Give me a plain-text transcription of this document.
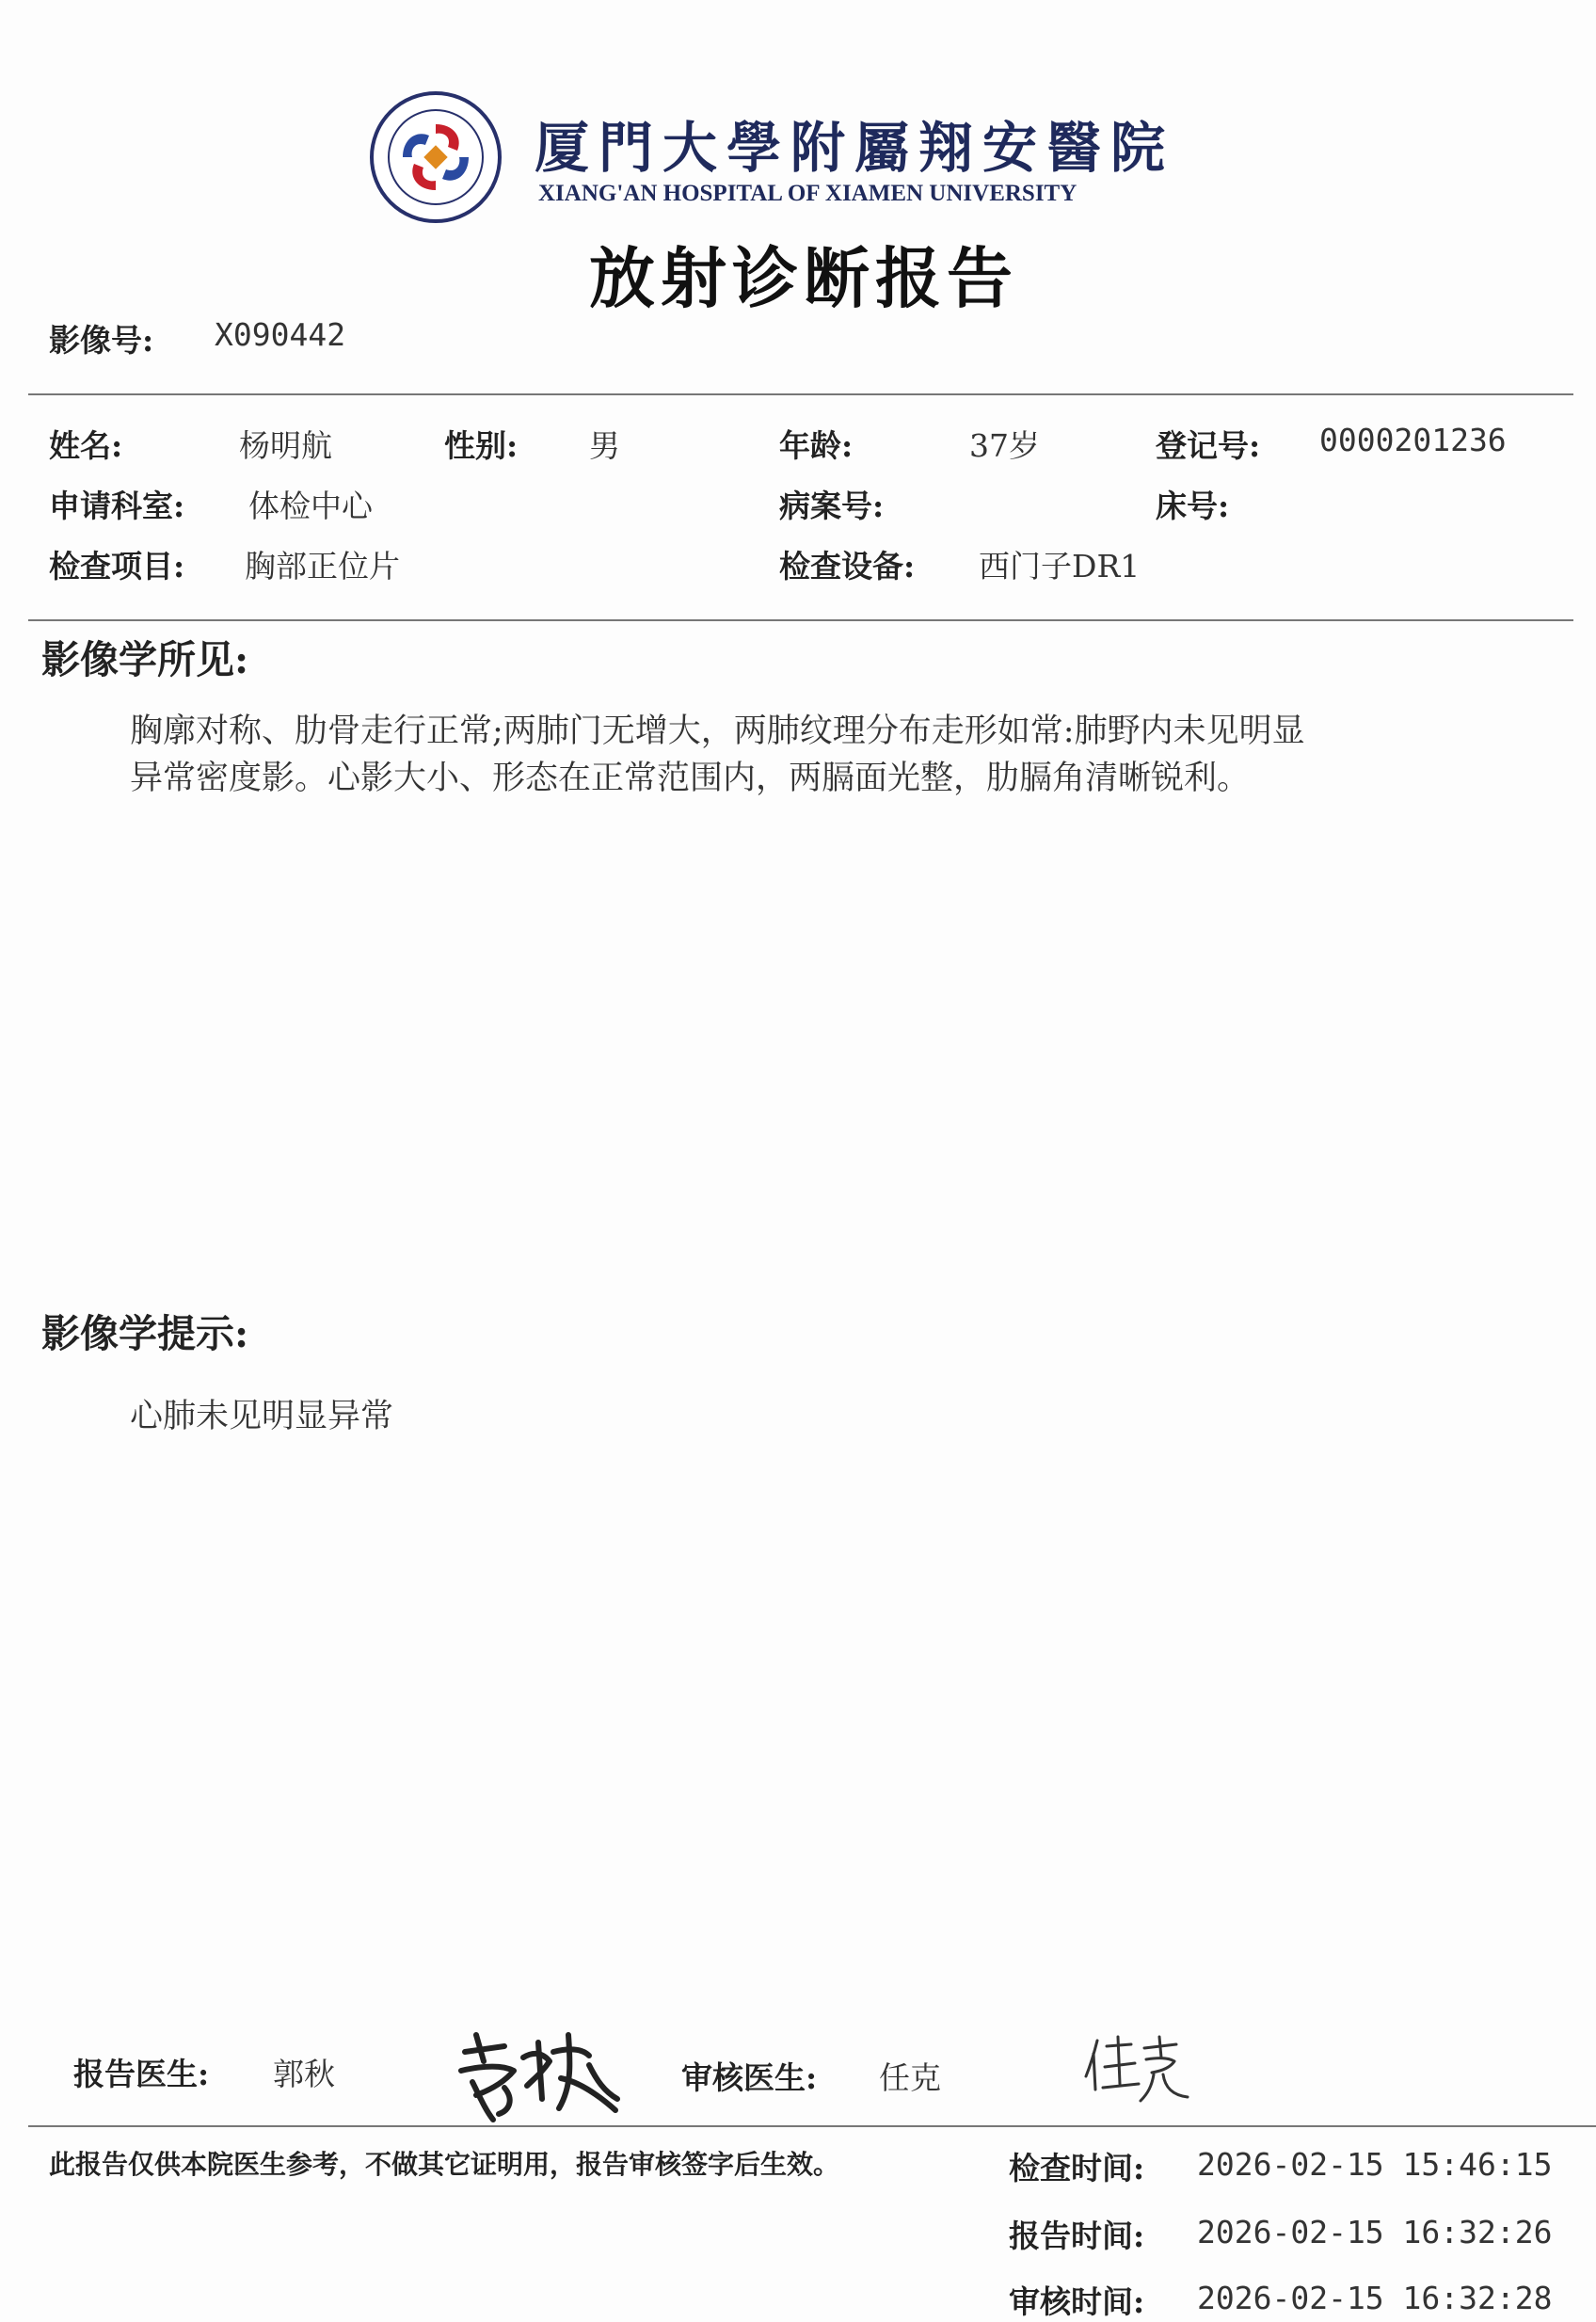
厦門大學附屬翔安醫院
XIANG'AN HOSPITAL OF XIAMEN UNIVERSITY
放射诊断报告
影像号: X090442
姓名:	杨明航	性别: 男	年龄:	37岁	登记号: 0000201236
申请科室: 体检中心	病案号:	床号:
检查项目: 胸部正位片	检查设备: 西门子DR1
影像学所见:
胸廓对称、肋骨走行正常;两肺门无增大，两肺纹理分布走形如常:肺野内未见明显
异常密度影。心影大小、形态在正常范围内，两膈面光整，肋膈角清晰锐利。
影像学提示:
心肺未见明显异常
报告医生: 郭秋	审核医生: 任克
此报告仅供本院医生参考，不做其它证明用，报告审核签字后生效。	检查时间: 2026-02-15 15:46:15
报告时间: 2026-02-15 16:32:26
审核时间: 2026-02-15 16:32:28
